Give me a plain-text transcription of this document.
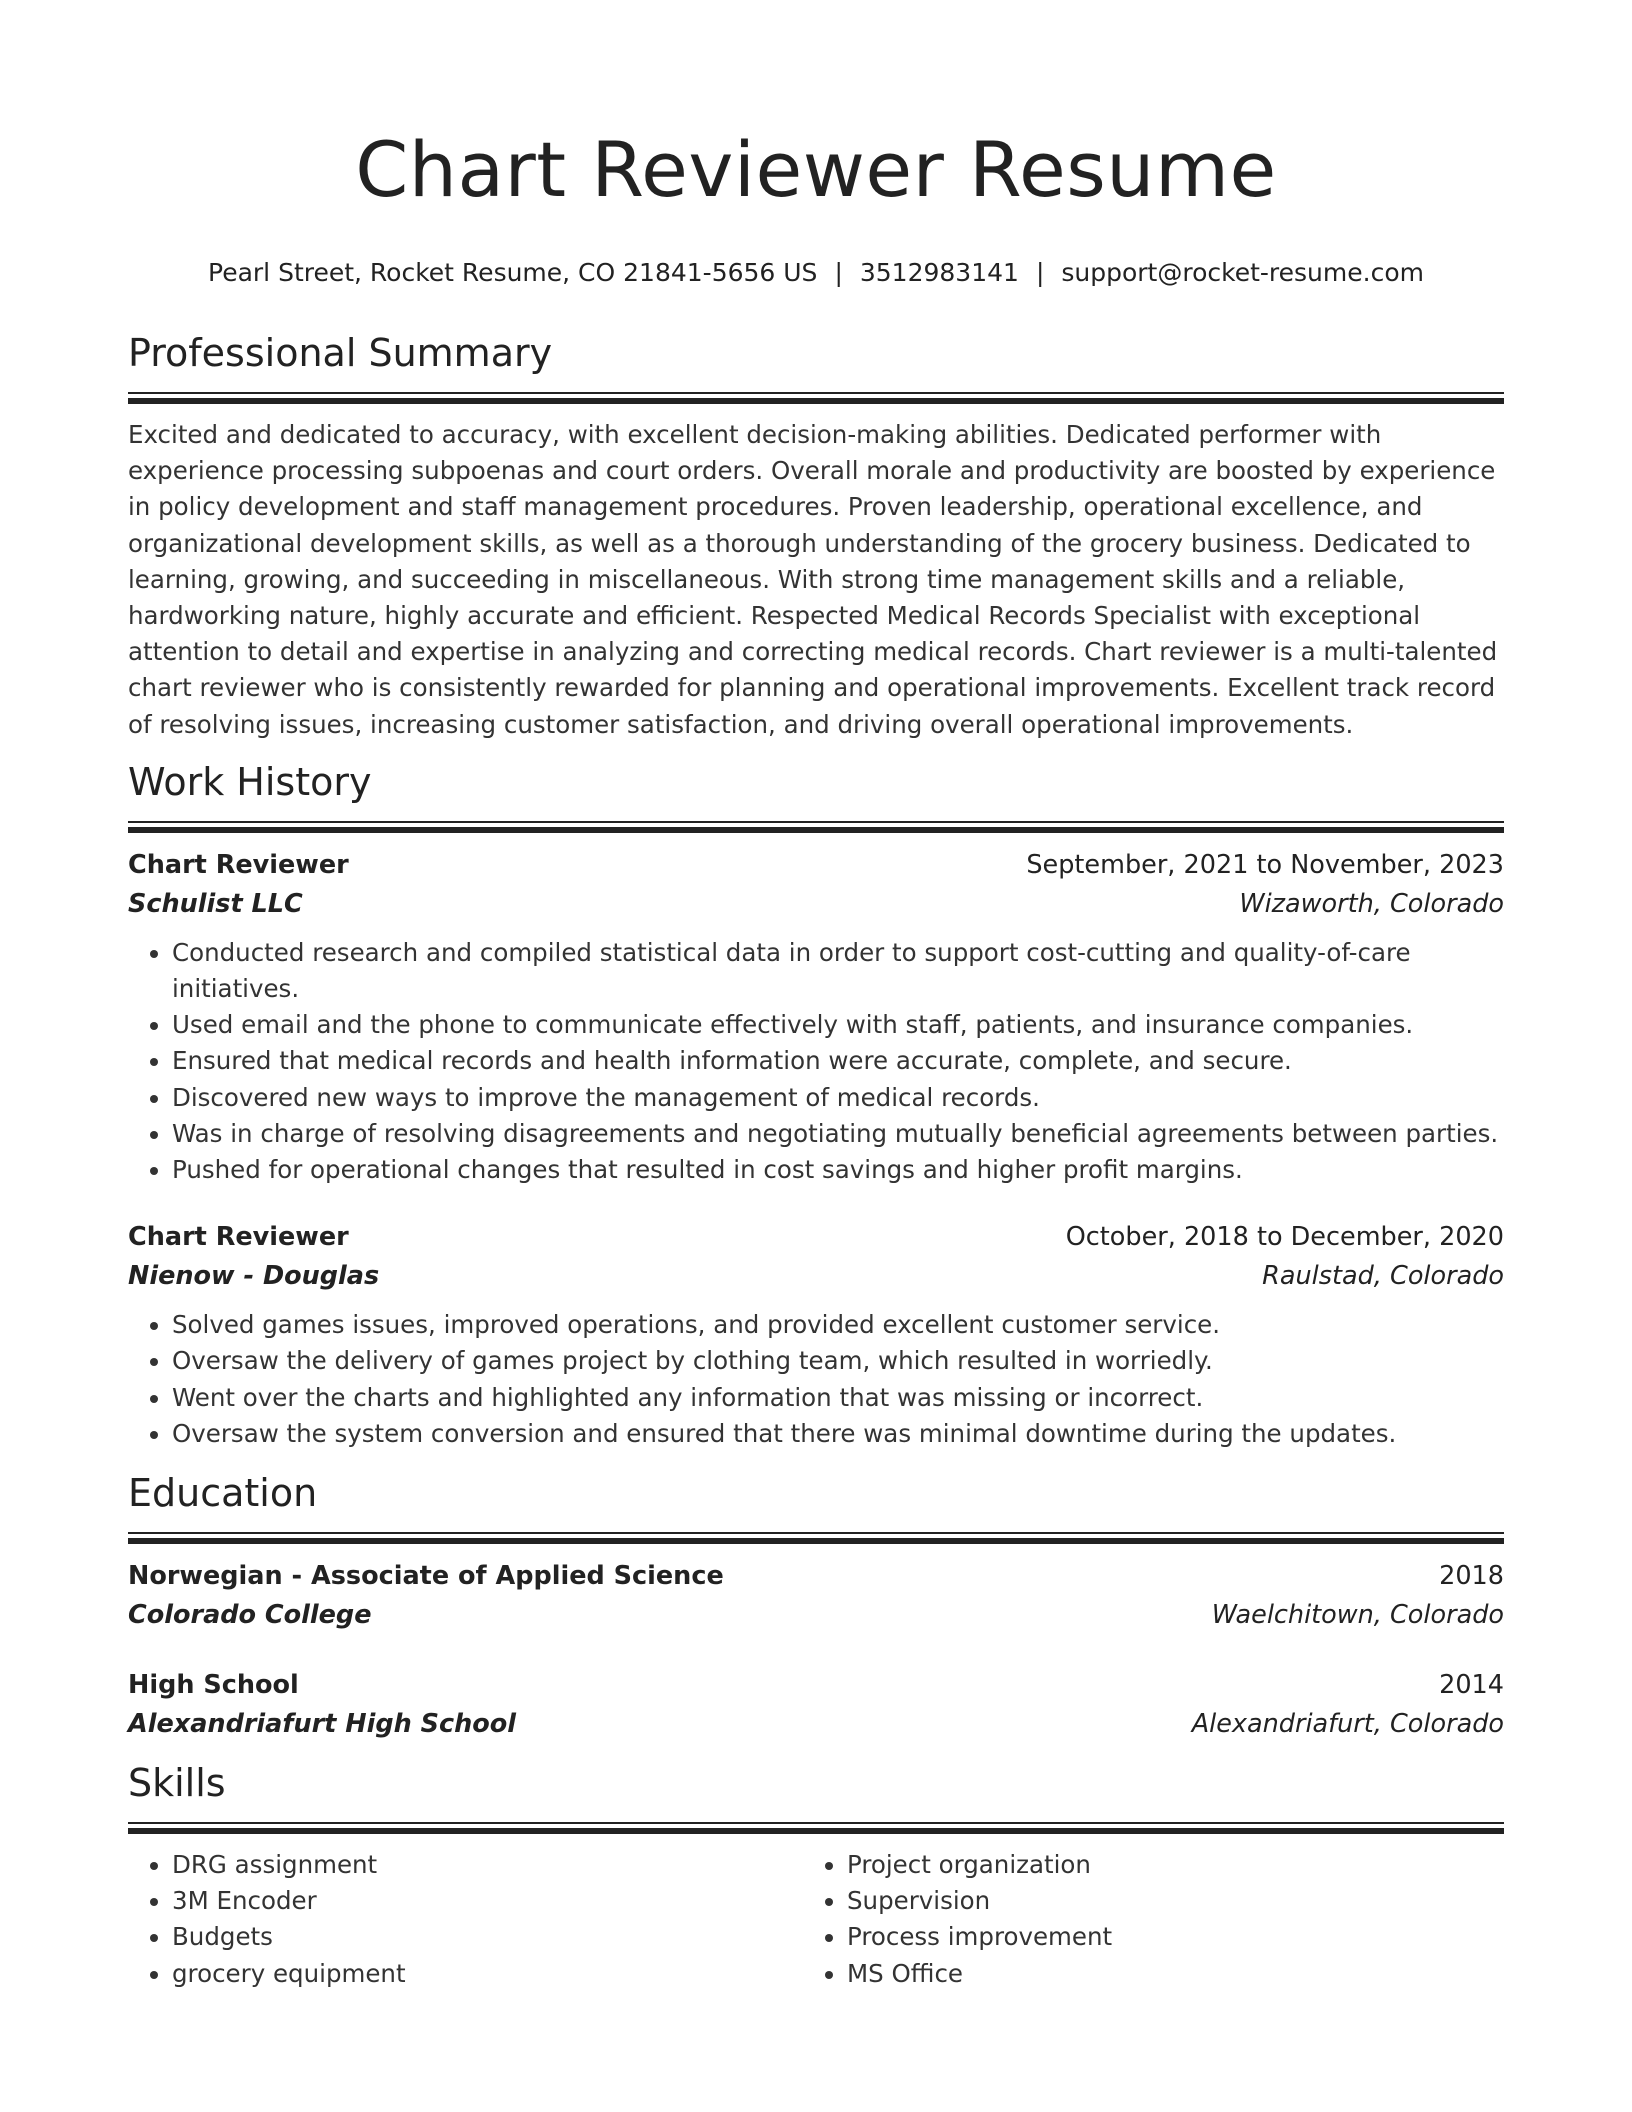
Chart Reviewer Resume
Pearl Street, Rocket Resume, CO 21841-5656 US | 3512983141 | support@rocket-resume.com
Professional Summary

Excited and dedicated to accuracy, with excellent decision-making abilities. Dedicated performer with experience processing subpoenas and court orders. Overall morale and productivity are boosted by experience in policy development and staff management procedures. Proven leadership, operational excellence, and organizational development skills, as well as a thorough understanding of the grocery business. Dedicated to learning, growing, and succeeding in miscellaneous. With strong time management skills and a reliable, hardworking nature, highly accurate and efficient. Respected Medical Records Specialist with exceptional attention to detail and expertise in analyzing and correcting medical records. Chart reviewer is a multi-talented chart reviewer who is consistently rewarded for planning and operational improvements. Excellent track record of resolving issues, increasing customer satisfaction, and driving overall operational improvements.

Work History
Chart Reviewer	September, 2021 to November, 2023
Schulist LLC	Wizaworth, Colorado
• Conducted research and compiled statistical data in order to support cost-cutting and quality-of-care initiatives.
• Used email and the phone to communicate effectively with staff, patients, and insurance companies.
• Ensured that medical records and health information were accurate, complete, and secure.
• Discovered new ways to improve the management of medical records.
• Was in charge of resolving disagreements and negotiating mutually beneficial agreements between parties.
• Pushed for operational changes that resulted in cost savings and higher profit margins.
Chart Reviewer	October, 2018 to December, 2020
Nienow - Douglas	Raulstad, Colorado
• Solved games issues, improved operations, and provided excellent customer service.
• Oversaw the delivery of games project by clothing team, which resulted in worriedly.
• Went over the charts and highlighted any information that was missing or incorrect.
• Oversaw the system conversion and ensured that there was minimal downtime during the updates.
Education
Norwegian - Associate of Applied Science	2018
Colorado College	Waelchitown, Colorado
High School	2014
Alexandriafurt High School	Alexandriafurt, Colorado
Skills
• DRG assignment
• 3M Encoder
• Budgets
• grocery equipment
• Project organization
• Supervision
• Process improvement
• MS Office
